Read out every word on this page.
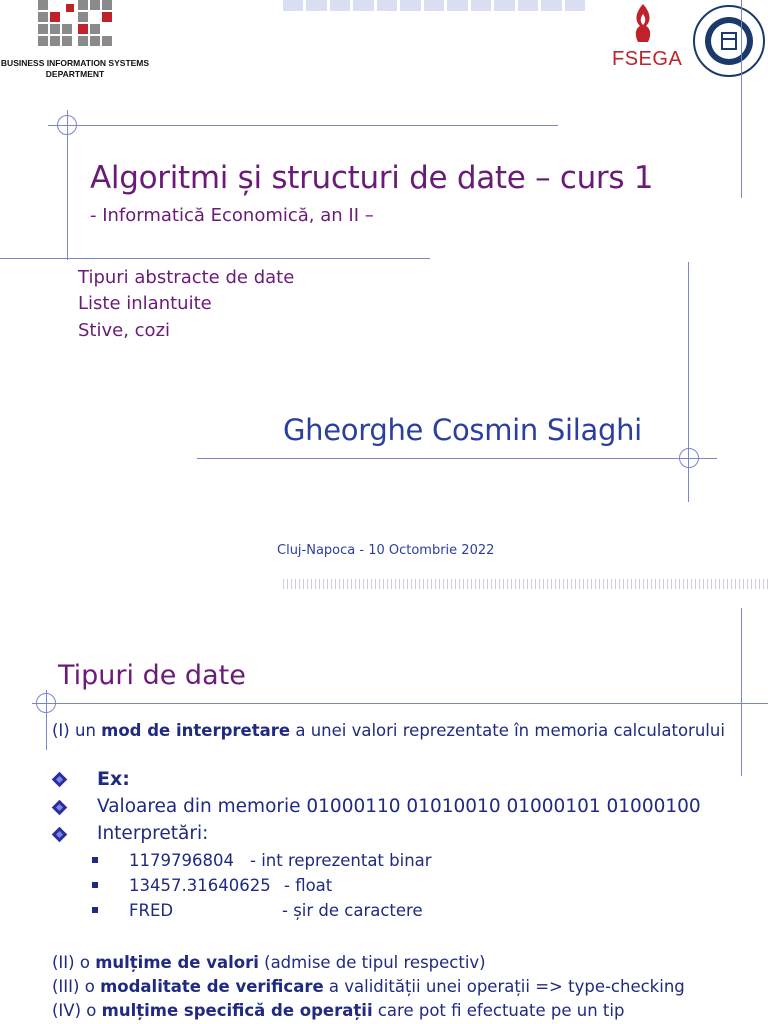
BUSINESS INFORMATION SYSTEMS
DEPARTMENT
FSEGA
Algoritmi și structuri de date – curs 1
- Informatică Economică, an II –
Tipuri abstracte de date
Liste inlantuite
Stive, cozi
Gheorghe Cosmin Silaghi
Cluj-Napoca - 10 Octombrie 2022
Tipuri de date
(I) un mod de interpretare a unei valori reprezentate în memoria calculatorului
Ex:
Valoarea din memorie 01000110 01010010 01000101 01000100
Interpretări:
1179796804 - int reprezentat binar
13457.31640625 - float
FRED	- șir de caractere
(II) o mulțime de valori (admise de tipul respectiv)
(III) o modalitate de verificare a validității unei operații => type-checking
(IV) o mulțime specifică de operații care pot fi efectuate pe un tip
